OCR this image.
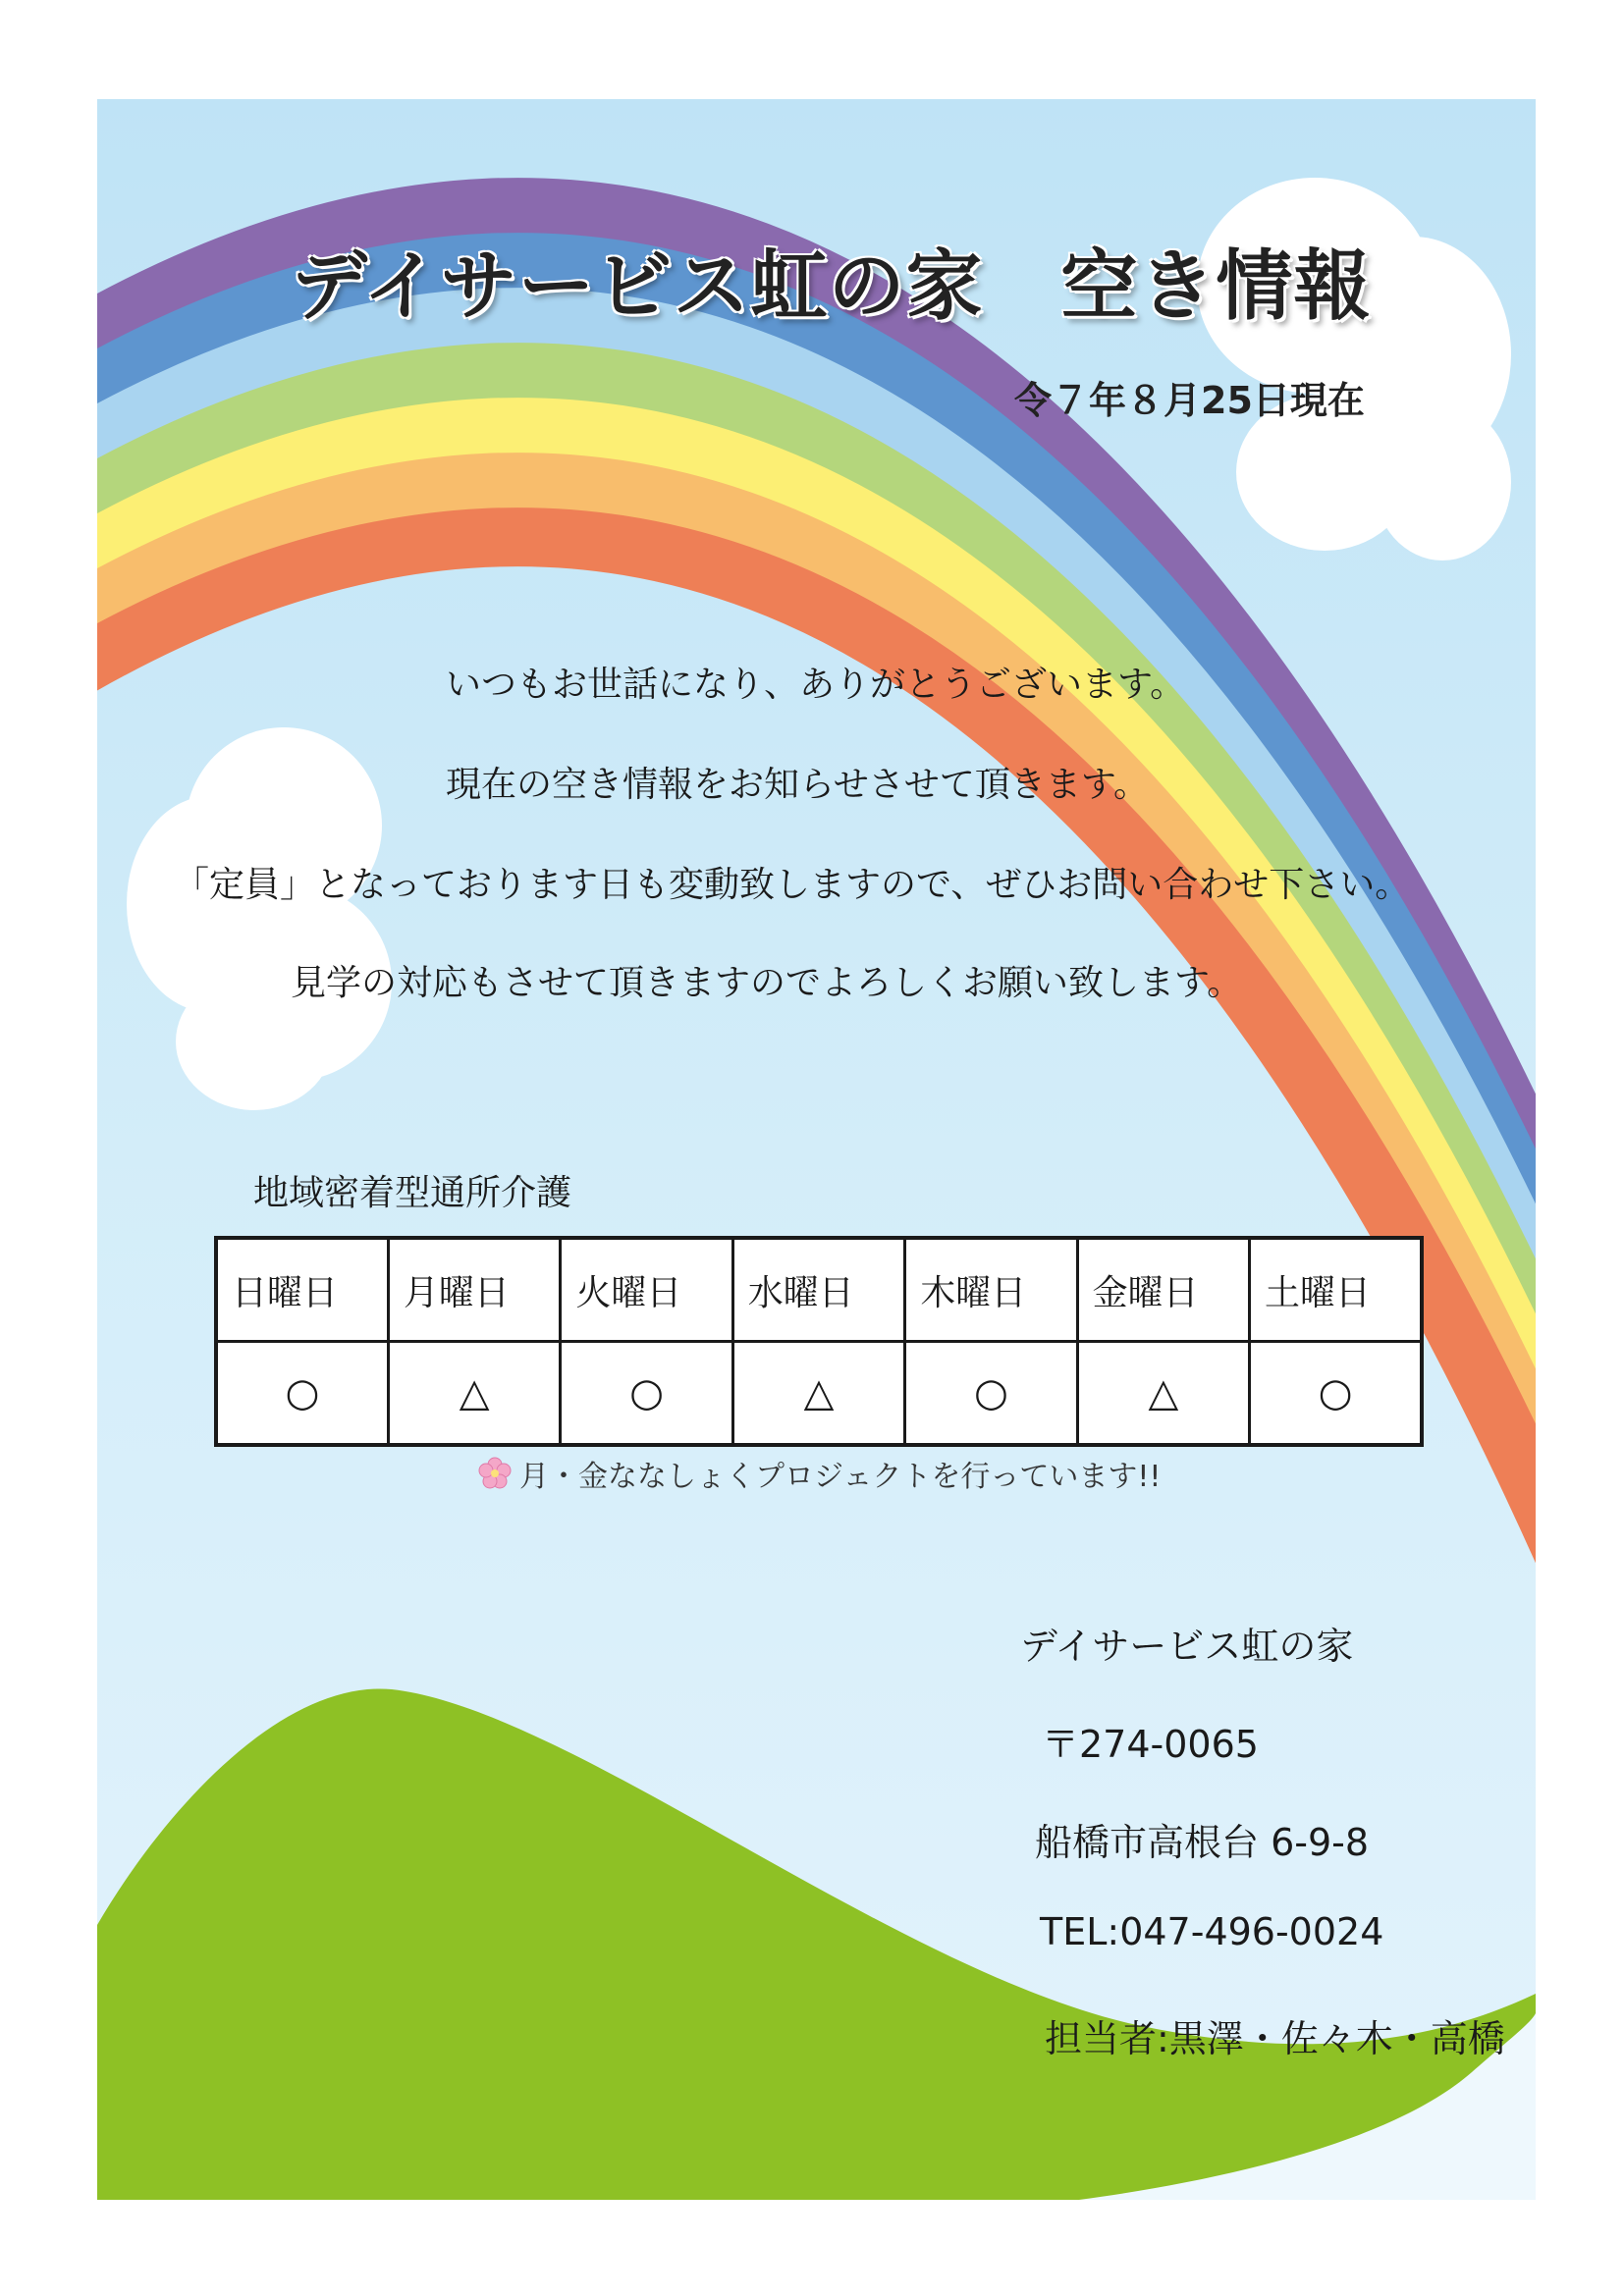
デイサービス虹の家　空き情報
令７年８月25日現在
いつもお世話になり、ありがとうございます。
現在の空き情報をお知らせさせて頂きます。
「定員」となっております日も変動致しますので、ぜひお問い合わせ下さい。
見学の対応もさせて頂きますのでよろしくお願い致します。
地域密着型通所介護
日曜日	月曜日	火曜日	水曜日	木曜日	金曜日	土曜日
○	△	○	△	○	△	○
月・金ななしょくプロジェクトを行っています!!
デイサービス虹の家
〒274-0065
船橋市高根台 6-9-8
TEL:047-496-0024
担当者:黒澤・佐々木・高橋
